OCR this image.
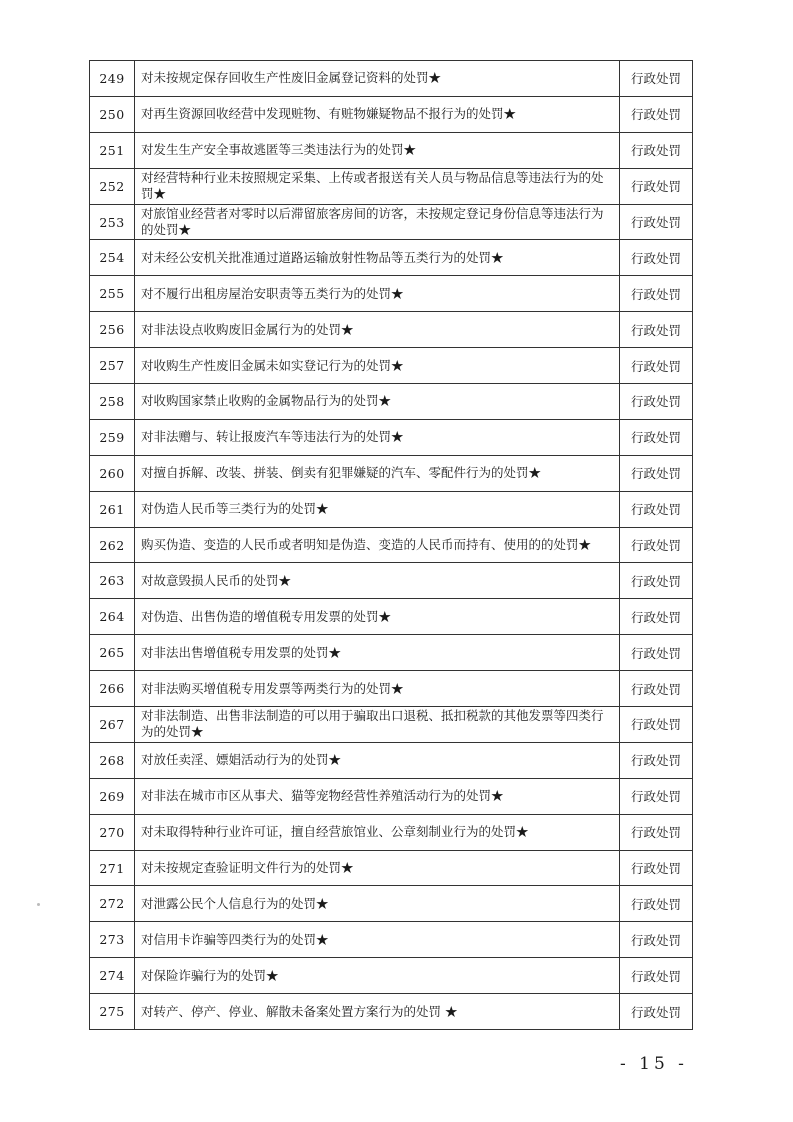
249	对未按规定保存回收生产性废旧金属登记资料的处罚★	行政处罚
250	对再生资源回收经营中发现赃物、有赃物嫌疑物品不报行为的处罚★	行政处罚
251	对发生生产安全事故逃匿等三类违法行为的处罚★	行政处罚
252	对经营特种行业未按照规定采集、上传或者报送有关人员与物品信息等违法行为的处罚★	行政处罚
253	对旅馆业经营者对零时以后滞留旅客房间的访客，未按规定登记身份信息等违法行为的处罚★	行政处罚
254	对未经公安机关批准通过道路运输放射性物品等五类行为的处罚★	行政处罚
255	对不履行出租房屋治安职责等五类行为的处罚★	行政处罚
256	对非法设点收购废旧金属行为的处罚★	行政处罚
257	对收购生产性废旧金属未如实登记行为的处罚★	行政处罚
258	对收购国家禁止收购的金属物品行为的处罚★	行政处罚
259	对非法赠与、转让报废汽车等违法行为的处罚★	行政处罚
260	对擅自拆解、改装、拼装、倒卖有犯罪嫌疑的汽车、零配件行为的处罚★	行政处罚
261	对伪造人民币等三类行为的处罚★	行政处罚
262	购买伪造、变造的人民币或者明知是伪造、变造的人民币而持有、使用的的处罚★	行政处罚
263	对故意毁损人民币的处罚★	行政处罚
264	对伪造、出售伪造的增值税专用发票的处罚★	行政处罚
265	对非法出售增值税专用发票的处罚★	行政处罚
266	对非法购买增值税专用发票等两类行为的处罚★	行政处罚
267	对非法制造、出售非法制造的可以用于骗取出口退税、抵扣税款的其他发票等四类行为的处罚★	行政处罚
268	对放任卖淫、嫖娼活动行为的处罚★	行政处罚
269	对非法在城市市区从事犬、猫等宠物经营性养殖活动行为的处罚★	行政处罚
270	对未取得特种行业许可证，擅自经营旅馆业、公章刻制业行为的处罚★	行政处罚
271	对未按规定查验证明文件行为的处罚★	行政处罚
272	对泄露公民个人信息行为的处罚★	行政处罚
273	对信用卡诈骗等四类行为的处罚★	行政处罚
274	对保险诈骗行为的处罚★	行政处罚
275	对转产、停产、停业、解散未备案处置方案行为的处罚 ★	行政处罚
- 15 -
